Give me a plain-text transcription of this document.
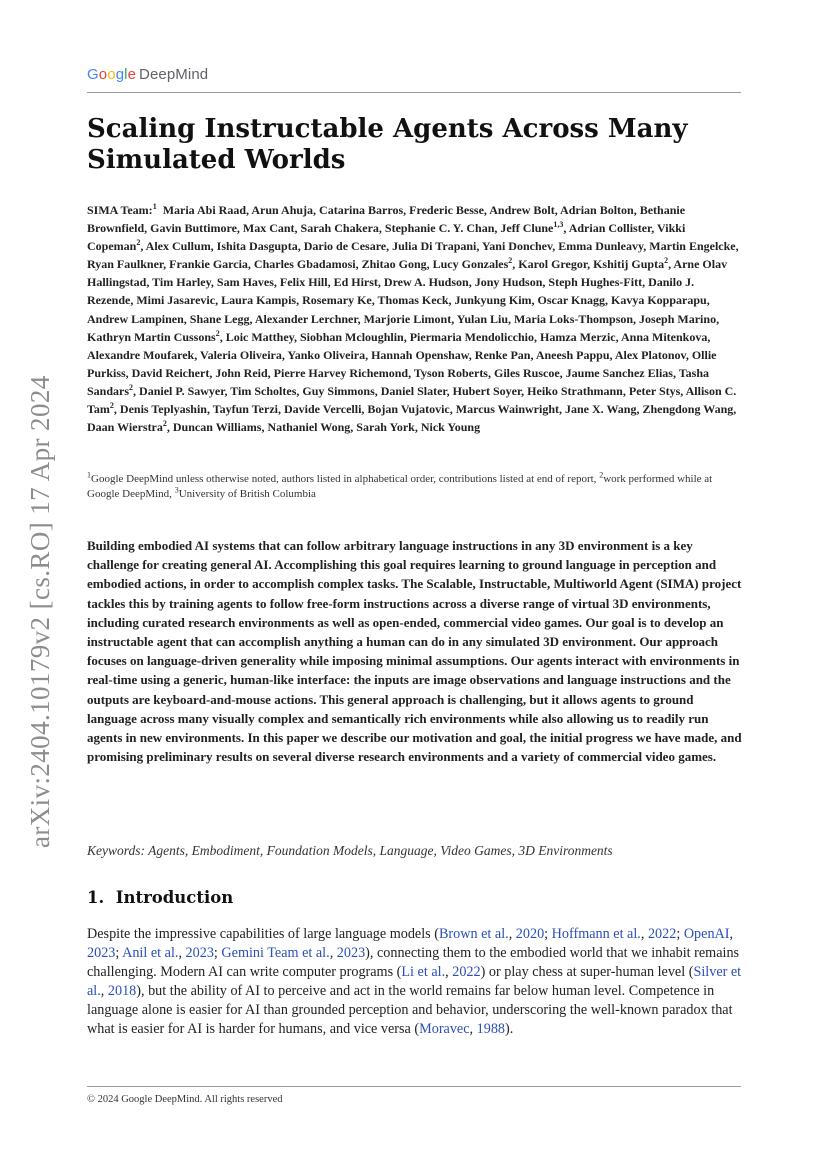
Google DeepMind
arXiv:2404.10179v2 [cs.RO] 17 Apr 2024
Scaling Instructable Agents Across Many Simulated Worlds

SIMA Team:$^1$ Maria Abi Raad, Arun Ahuja, Catarina Barros, Frederic Besse, Andrew Bolt, Adrian Bolton, Bethanie Brownfield, Gavin Buttimore, Max Cant, Sarah Chakera, Stephanie C. Y. Chan, Jeff Clune$^{1,3}$, Adrian Collister, Vikki Copeman$^2$, Alex Cullum, Ishita Dasgupta, Dario de Cesare, Julia Di Trapani, Yani Donchev, Emma Dunleavy, Martin Engelcke, Ryan Faulkner, Frankie Garcia, Charles Gbadamosi, Zhitao Gong, Lucy Gonzales$^2$, Karol Gregor, Kshitij Gupta$^2$, Arne Olav Hallingstad, Tim Harley, Sam Haves, Felix Hill, Ed Hirst, Drew A. Hudson, Jony Hudson, Steph Hughes-Fitt, Danilo J. Rezende, Mimi Jasarevic, Laura Kampis, Rosemary Ke, Thomas Keck, Junkyung Kim, Oscar Knagg, Kavya Kopparapu, Andrew Lampinen, Shane Legg, Alexander Lerchner, Marjorie Limont, Yulan Liu, Maria Loks-Thompson, Joseph Marino, Kathryn Martin Cussons$^2$, Loic Matthey, Siobhan Mcloughlin, Piermaria Mendolicchio, Hamza Merzic, Anna Mitenkova, Alexandre Moufarek, Valeria Oliveira, Yanko Oliveira, Hannah Openshaw, Renke Pan, Aneesh Pappu, Alex Platonov, Ollie Purkiss, David Reichert, John Reid, Pierre Harvey Richemond, Tyson Roberts, Giles Ruscoe, Jaume Sanchez Elias, Tasha Sandars$^2$, Daniel P. Sawyer, Tim Scholtes, Guy Simmons, Daniel Slater, Hubert Soyer, Heiko Strathmann, Peter Stys, Allison C. Tam$^2$, Denis Teplyashin, Tayfun Terzi, Davide Vercelli, Bojan Vujatovic, Marcus Wainwright, Jane X. Wang, Zhengdong Wang, Daan Wierstra$^2$, Duncan Williams, Nathaniel Wong, Sarah York, Nick Young

$^1$Google DeepMind unless otherwise noted, authors listed in alphabetical order, contributions listed at end of report, $^2$work performed while at Google DeepMind, $^3$University of British Columbia

Building embodied AI systems that can follow arbitrary language instructions in any 3D environment is a key challenge for creating general AI. Accomplishing this goal requires learning to ground language in perception and embodied actions, in order to accomplish complex tasks. The Scalable, Instructable, Multiworld Agent (SIMA) project tackles this by training agents to follow free-form instructions across a diverse range of virtual 3D environments, including curated research environments as well as open-ended, commercial video games. Our goal is to develop an instructable agent that can accomplish anything a human can do in any simulated 3D environment. Our approach focuses on language-driven generality while imposing minimal assumptions. Our agents interact with environments in real-time using a generic, human-like interface: the inputs are image observations and language instructions and the outputs are keyboard-and-mouse actions. This general approach is challenging, but it allows agents to ground language across many visually complex and semantically rich environments while also allowing us to readily run agents in new environments. In this paper we describe our motivation and goal, the initial progress we have made, and promising preliminary results on several diverse research environments and a variety of commercial video games.

Keywords: Agents, Embodiment, Foundation Models, Language, Video Games, 3D Environments

1. Introduction

Despite the impressive capabilities of large language models (Brown et al., 2020; Hoffmann et al., 2022; OpenAI, 2023; Anil et al., 2023; Gemini Team et al., 2023), connecting them to the embodied world that we inhabit remains challenging. Modern AI can write computer programs (Li et al., 2022) or play chess at super-human level (Silver et al., 2018), but the ability of AI to perceive and act in the world remains far below human level. Competence in language alone is easier for AI than grounded perception and behavior, underscoring the well-known paradox that what is easier for AI is harder for humans, and vice versa (Moravec, 1988).

© 2024 Google DeepMind. All rights reserved
